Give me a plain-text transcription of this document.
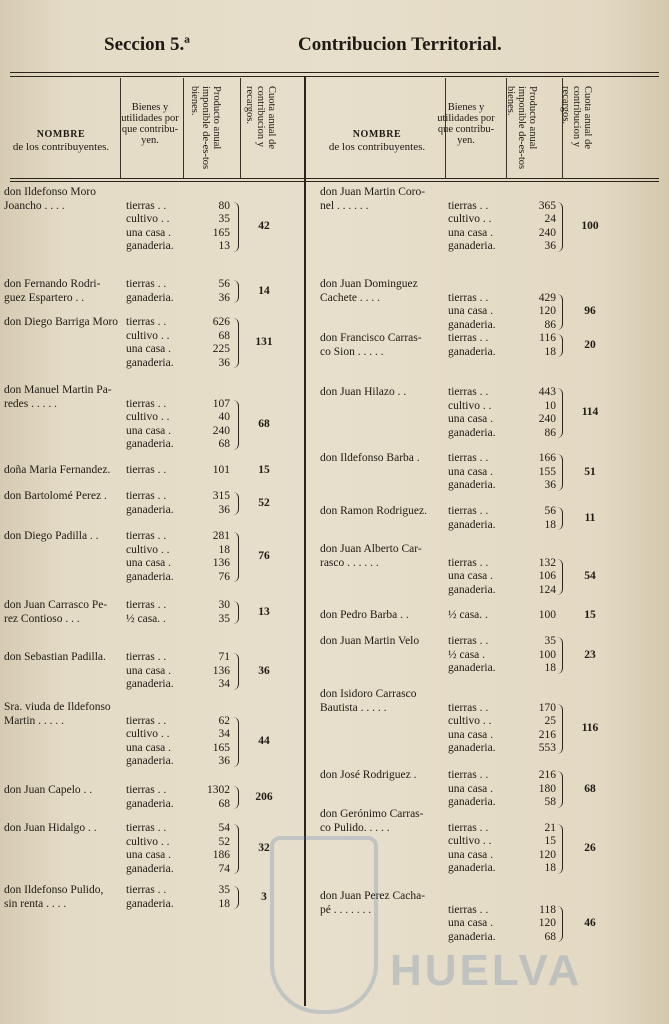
Seccion 5.ª	Contribucion Territorial.
NOMBRE
de los contribuyentes.
Bienes y utilidades por que contribu-yen.	Producto anual imponible de-es-tos bienes.	Cuota anual de contribucion y recargos.
NOMBRE
de los contribuyentes.
Bienes y utilidades por que contribu-yen.	Producto anual imponible de-es-tos bienes.	Cuota anual de contribucion y recargos.
don Ildefonso Moro
Joancho . . . .	tierras . .	80
cultivo . .	35
una casa .	165
ganaderia.	13
42
don Fernando Rodri-
guez Espartero . .
tierras . .	56
ganaderia.	36
14
don Diego Barriga Moro tierras . .	626
cultivo . .	68
una casa .	225
ganaderia.	36
131
don Manuel Martin Pa-
redes . . . . .	tierras . .	107
cultivo . .	40
una casa .	240
ganaderia.	68
68
doña Maria Fernandez. tierras . .	101	15
don Bartolomé Perez . tierras . .	315
ganaderia.	36
52
don Diego Padilla . . tierras . .	281
cultivo . .	18
una casa .	136
ganaderia.	76
76
don Juan Carrasco Pe-
rez Contioso . . .
tierras . .	30
½ casa. .	35
13
don Sebastian Padilla. tierras . .	71
una casa .	136
ganaderia.	34
36
Sra. viuda de Ildefonso
Martin . . . . .	tierras . .	62
cultivo . .	34
una casa .	165
ganaderia.	36
44
don Juan Capelo . .	tierras . .	1302
ganaderia.	68
206
don Juan Hidalgo . .	tierras . .	54
cultivo . .	52
una casa .	186
ganaderia.	74
32
don Ildefonso Pulido,
sin renta . . . .
tierras . .	35
ganaderia.	18
3
don Juan Martin Coro-
nel . . . . . .	tierras . .	365
cultivo . .	24
una casa .	240
ganaderia.	36
100
don Juan Dominguez
Cachete . . . .	tierras . .	429
una casa .	120
ganaderia.	86
96
don Francisco Carras-
co Sion . . . . .
tierras . .	116
ganaderia.	18
20
don Juan Hilazo . .	tierras . .	443
cultivo . .	10
una casa .	240
ganaderia.	86
114
don Ildefonso Barba . tierras . .	166
una casa .	155
ganaderia.	36
51
don Ramon Rodriguez. tierras . .	56
ganaderia.	18
11
don Juan Alberto Car-
rasco . . . . . .	tierras . .	132
una casa .	106
ganaderia.	124
54
don Pedro Barba . .	½ casa. .	100	15
don Juan Martin Velo	tierras . .	35
½ casa .	100
ganaderia.	18
23
don Isidoro Carrasco
Bautista . . . . .	tierras . .	170
cultivo . .	25
una casa .	216
ganaderia.	553
116
don José Rodriguez .	tierras . .	216
una casa .	180
ganaderia.	58
68
don Gerónimo Carras-
co Pulido. . . . .	tierras . .	21
cultivo . .	15
una casa .	120
ganaderia.	18
26
don Juan Perez Cacha-
pé . . . . . . .	tierras . .	118
una casa .	120
ganaderia.	68
46
HUELVA
